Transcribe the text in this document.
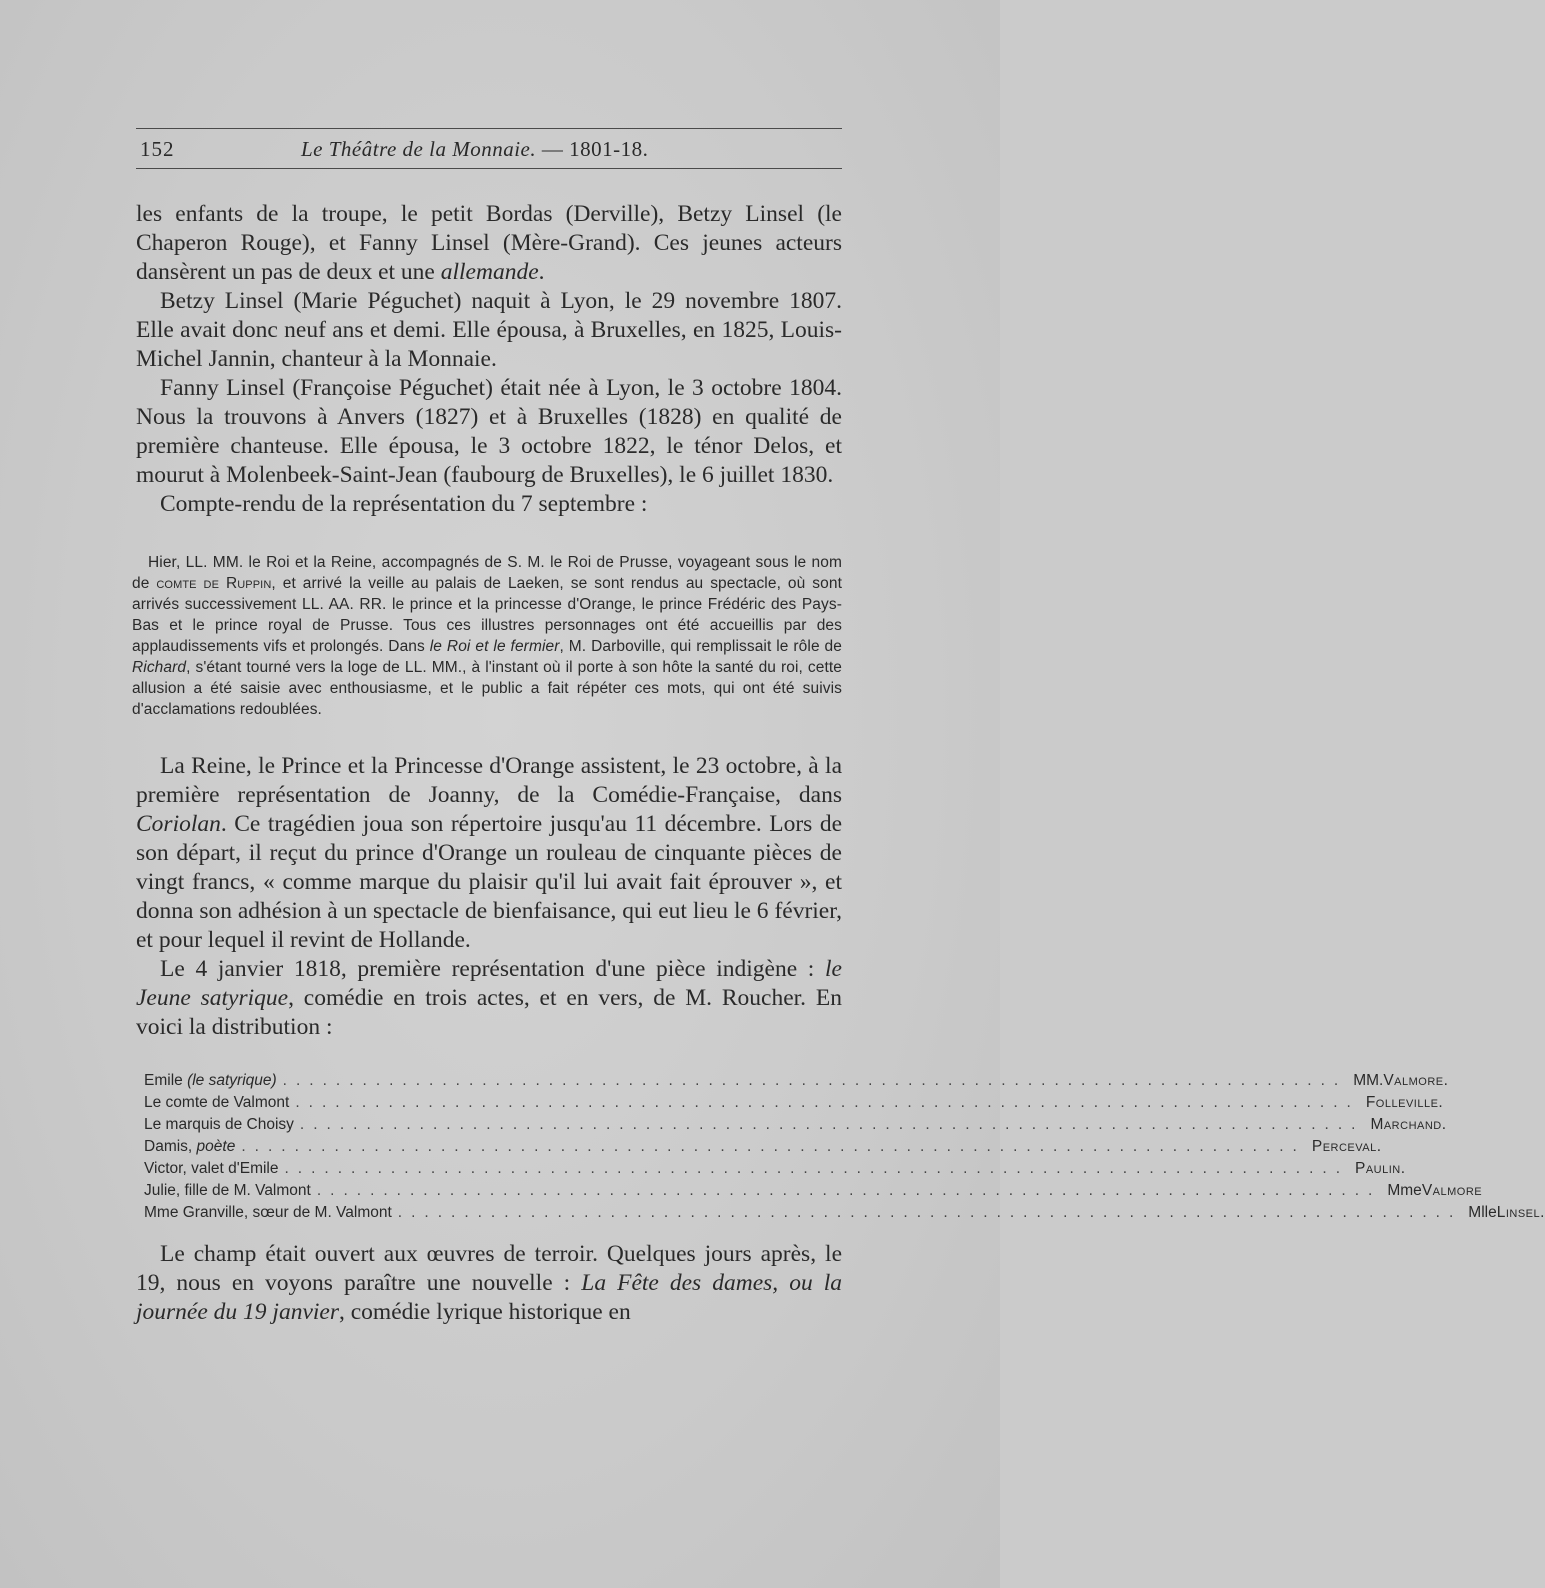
152	Le Théâtre de la Monnaie. — 1801-18.

les enfants de la troupe, le petit Bordas (Derville), Betzy Linsel (le Chaperon Rouge), et Fanny Linsel (Mère-Grand). Ces jeunes acteurs dansèrent un pas de deux et une allemande.

Betzy Linsel (Marie Péguchet) naquit à Lyon, le 29 novembre 1807. Elle avait donc neuf ans et demi. Elle épousa, à Bruxelles, en 1825, Louis-Michel Jannin, chanteur à la Monnaie.

Fanny Linsel (Françoise Péguchet) était née à Lyon, le 3 octobre 1804. Nous la trouvons à Anvers (1827) et à Bruxelles (1828) en qualité de première chanteuse. Elle épousa, le 3 octobre 1822, le ténor Delos, et mourut à Molenbeek-Saint-Jean (faubourg de Bruxelles), le 6 juillet 1830.

Compte-rendu de la représentation du 7 septembre :

Hier, LL. MM. le Roi et la Reine, accompagnés de S. M. le Roi de Prusse, voyageant sous le nom de comte de Ruppin, et arrivé la veille au palais de Laeken, se sont rendus au spectacle, où sont arrivés successivement LL. AA. RR. le prince et la princesse d'Orange, le prince Frédéric des Pays-Bas et le prince royal de Prusse. Tous ces illustres personnages ont été accueillis par des applaudissements vifs et prolongés. Dans le Roi et le fermier, M. Darboville, qui remplissait le rôle de Richard, s'étant tourné vers la loge de LL. MM., à l'instant où il porte à son hôte la santé du roi, cette allusion a été saisie avec enthousiasme, et le public a fait répéter ces mots, qui ont été suivis d'acclamations redoublées.

La Reine, le Prince et la Princesse d'Orange assistent, le 23 octobre, à la première représentation de Joanny, de la Comédie-Française, dans Coriolan. Ce tragédien joua son répertoire jusqu'au 11 décembre. Lors de son départ, il reçut du prince d'Orange un rouleau de cinquante pièces de vingt francs, « comme marque du plaisir qu'il lui avait fait éprouver », et donna son adhésion à un spectacle de bienfaisance, qui eut lieu le 6 février, et pour lequel il revint de Hollande.

Le 4 janvier 1818, première représentation d'une pièce indigène : le Jeune satyrique, comédie en trois actes, et en vers, de M. Roucher. En voici la distribution :

Emile (le satyrique) ................................................................................ MM. Valmore.
Le comte de Valmont ................................................................................ Folleville.
Le marquis de Choisy ................................................................................ Marchand.
Damis, poète ................................................................................ Perceval.
Victor, valet d'Emile ................................................................................ Paulin.
Julie, fille de M. Valmont ................................................................................ Mme Valmore
Mme Granville, sœur de M. Valmont ................................................................................ Mlle Linsel.

Le champ était ouvert aux œuvres de terroir. Quelques jours après, le 19, nous en voyons paraître une nouvelle : La Fête des dames, ou la journée du 19 janvier, comédie lyrique historique en
